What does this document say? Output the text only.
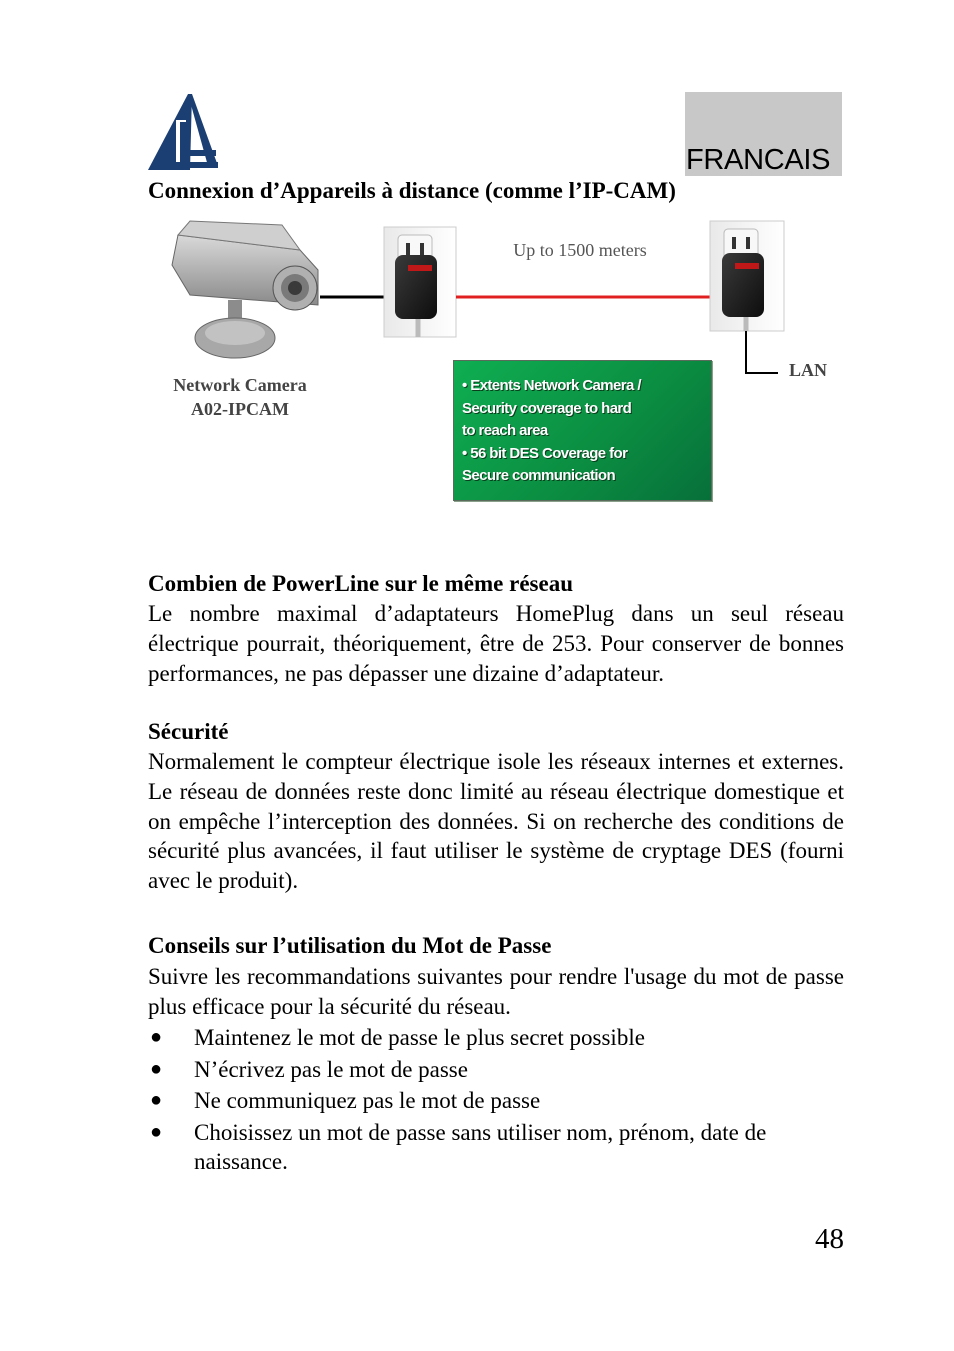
FRANCAIS
Connexion d’Appareils à distance (comme l’IP-CAM)
Network Camera
A02-IPCAM
Up to 1500 meters
LAN
• Extents Network Camera /
Security coverage to hard
to reach area
• 56 bit DES Coverage for
Secure communication
Combien de PowerLine sur le même réseau

Le nombre maximal d’adaptateurs HomePlug dans un seul réseau électrique pourrait, théoriquement, être de 253. Pour conserver de bonnes performances, ne pas dépasser une dizaine d’adaptateur.

Sécurité

Normalement le compteur électrique isole les réseaux internes et externes. Le réseau de données reste donc limité au réseau électrique domestique et on empêche l’interception des données. Si on recherche des conditions de sécurité plus avancées, il faut utiliser le système de cryptage DES (fourni avec le produit).

Conseils sur l’utilisation du Mot de Passe

Suivre les recommandations suivantes pour rendre l'usage du mot de passe plus efficace pour la sécurité du réseau.

● Maintenez le mot de passe le plus secret possible
● N’écrivez pas le mot de passe
● Ne communiquez pas le mot de passe
● Choisissez un mot de passe sans utiliser nom, prénom, date de naissance.
48
